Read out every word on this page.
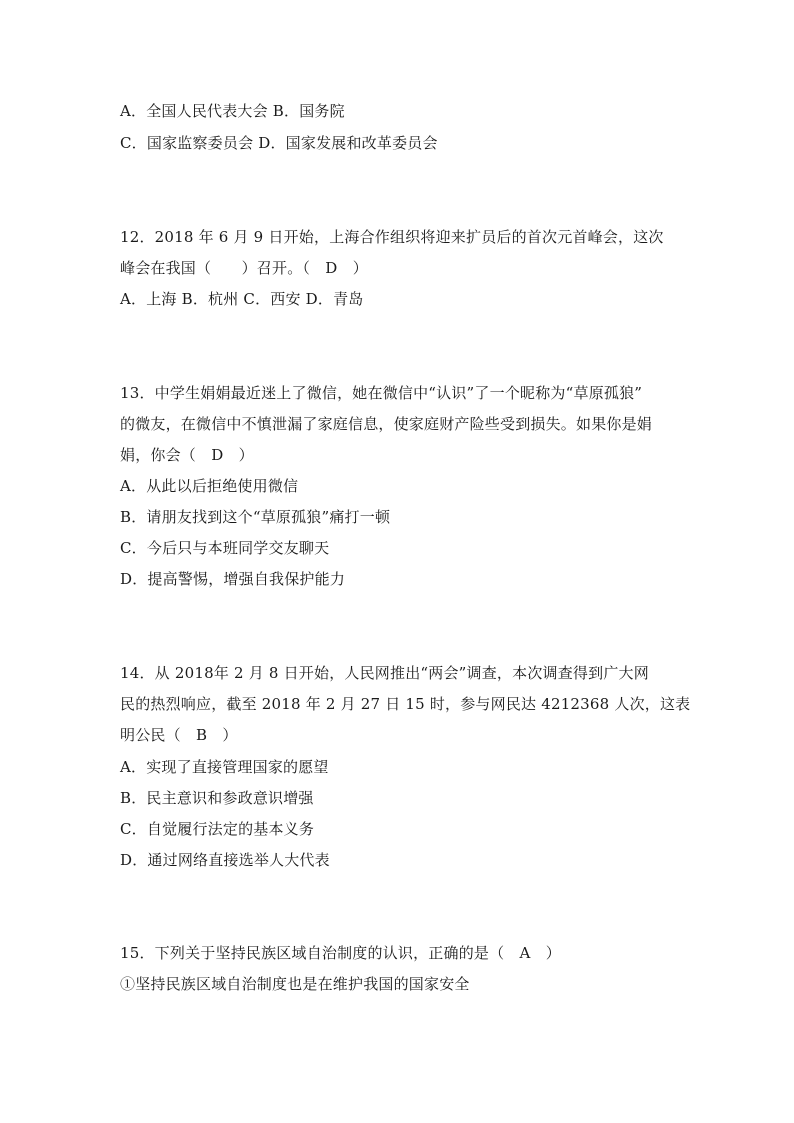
A．全国人民代表大会 B．国务院
C．国家监察委员会 D．国家发展和改革委员会
12．2018 年 6 月 9 日开始，上海合作组织将迎来扩员后的首次元首峰会，这次
峰会在我国（　　）召开。（　D　）
A．上海 B．杭州 C．西安 D．青岛
13．中学生娟娟最近迷上了微信，她在微信中“认识”了一个昵称为“草原孤狼”
的微友，在微信中不慎泄漏了家庭信息，使家庭财产险些受到损失。如果你是娟
娟，你会（　D　）
A．从此以后拒绝使用微信
B．请朋友找到这个“草原孤狼”痛打一顿
C．今后只与本班同学交友聊天
D．提高警惕，增强自我保护能力
14．从 2018年 2 月 8 日开始，人民网推出“两会”调查，本次调查得到广大网
民的热烈响应，截至 2018 年 2 月 27 日 15 时，参与网民达 4212368 人次，这表
明公民（　B　）
A．实现了直接管理国家的愿望
B．民主意识和参政意识增强
C．自觉履行法定的基本义务
D．通过网络直接选举人大代表
15．下列关于坚持民族区域自治制度的认识，正确的是（　A　）
①坚持民族区域自治制度也是在维护我国的国家安全
